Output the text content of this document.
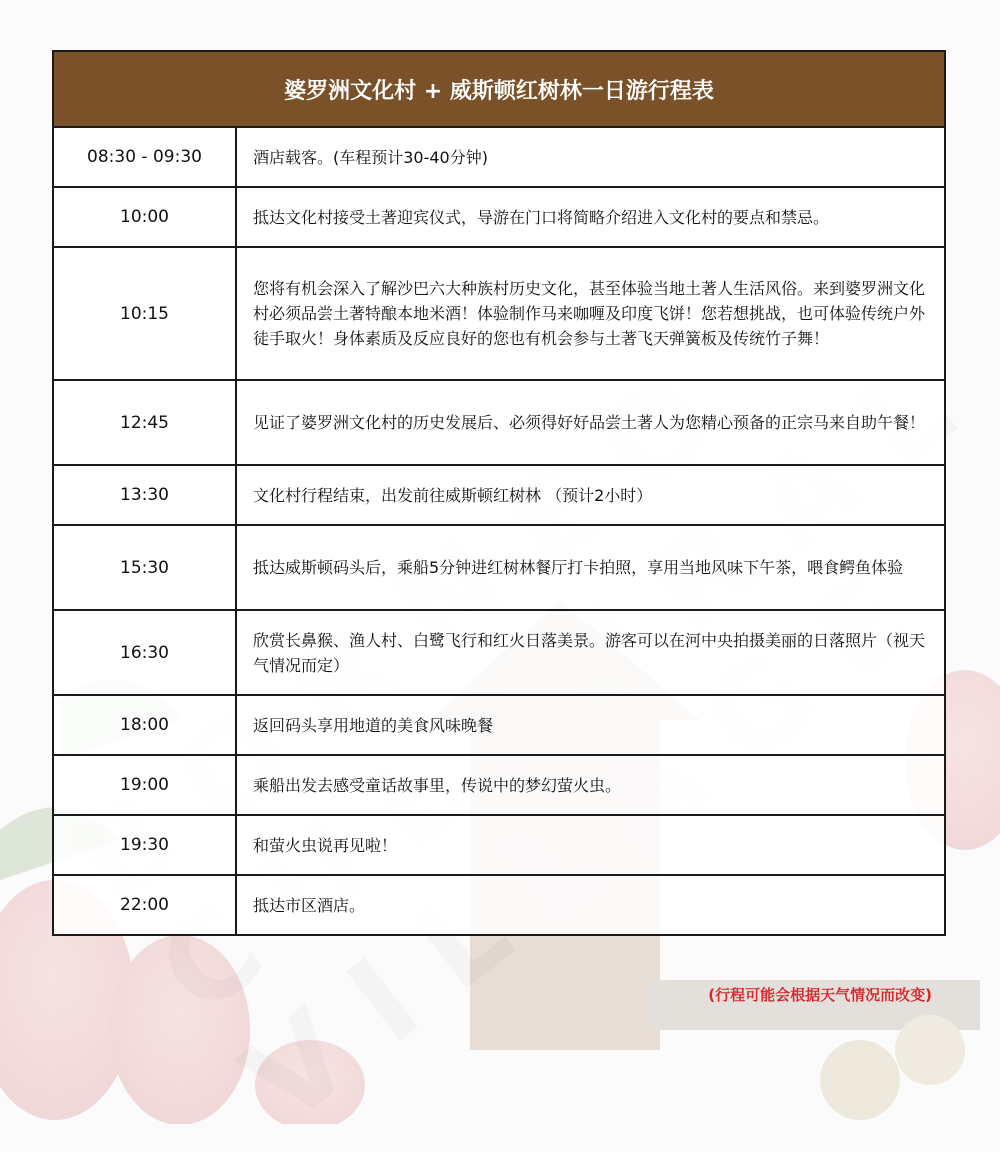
婆罗洲文化村 + 威斯顿红树林一日游行程表	
08:30 - 09:30	酒店载客。(车程预计30-40分钟)
10:00	抵达文化村接受土著迎宾仪式，导游在门口将简略介绍进入文化村的要点和禁忌。
10:15	您将有机会深入了解沙巴六大种族村历史文化，甚至体验当地土著人生活风俗。来到婆罗洲文化村必须品尝土著特酿本地米酒！体验制作马来咖喱及印度飞饼！您若想挑战，也可体验传统户外徒手取火！身体素质及反应良好的您也有机会参与土著飞天弹簧板及传统竹子舞！
12:45	见证了婆罗洲文化村的历史发展后、必须得好好品尝土著人为您精心预备的正宗马来自助午餐！
13:30	文化村行程结束，出发前往威斯顿红树林 （预计2小时）
15:30	抵达威斯顿码头后，乘船5分钟进红树林餐厅打卡拍照，享用当地风味下午茶，喂食鳄鱼体验
16:30	欣赏长鼻猴、渔人村、白鹭飞行和红火日落美景。游客可以在河中央拍摄美丽的日落照片（视天气情况而定）
18:00	返回码头享用地道的美食风味晚餐
19:00	乘船出发去感受童话故事里，传说中的梦幻萤火虫。
19:30	和萤火虫说再见啦！
22:00	抵达市区酒店。
(行程可能会根据天气情况而改变)
